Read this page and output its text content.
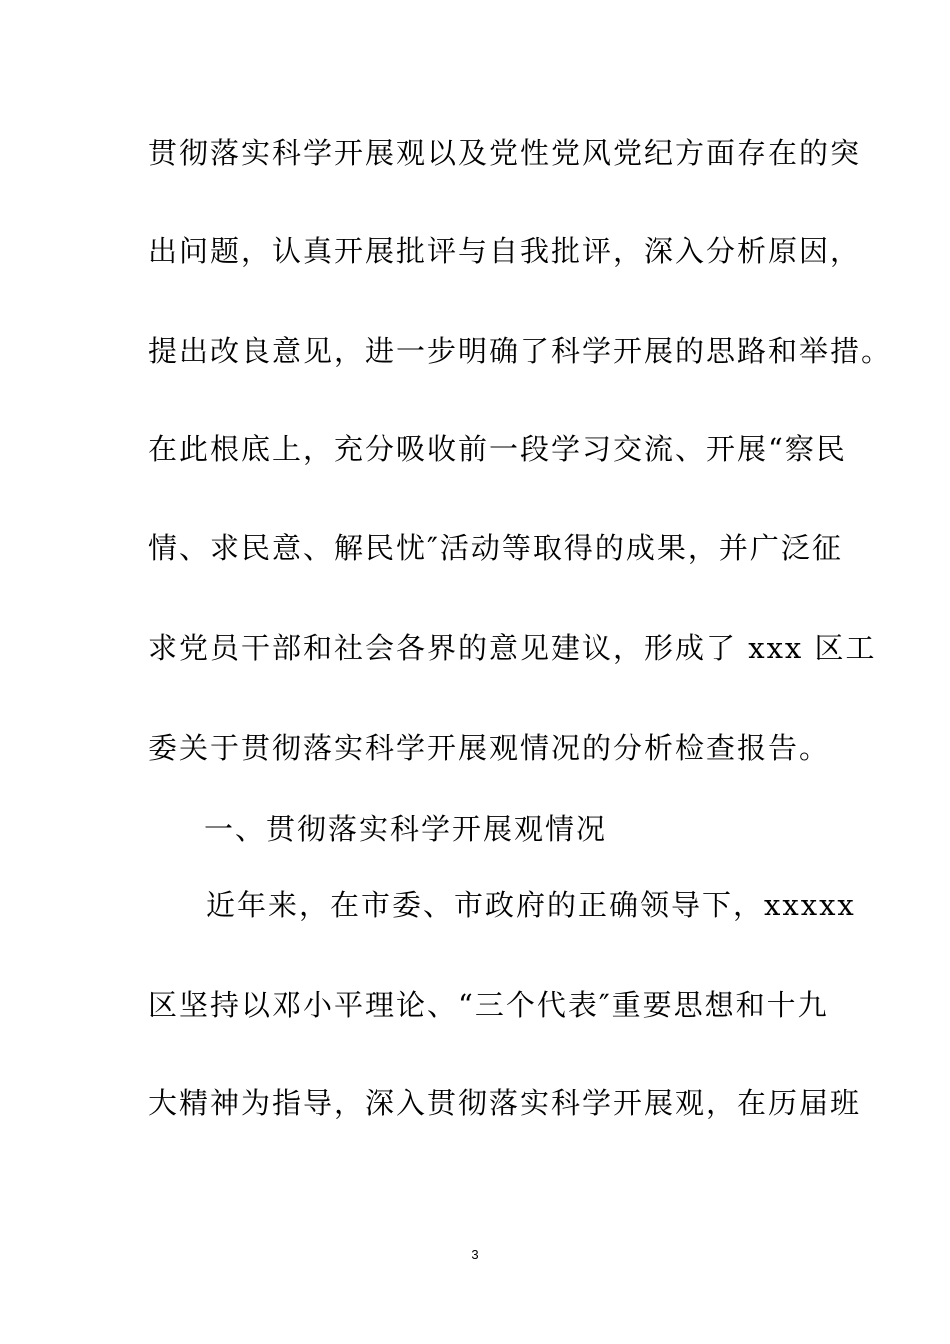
贯彻落实科学开展观以及党性党风党纪方面存在的突
出问题，认真开展批评与自我批评，深入分析原因，
提出改良意见，进一步明确了科学开展的思路和举措。
在此根底上，充分吸收前一段学习交流、开展“察民
情、求民意、解民忧″活动等取得的成果，并广泛征
求党员干部和社会各界的意见建议，形成了 xxx 区工
委关于贯彻落实科学开展观情况的分析检查报告。
一、贯彻落实科学开展观情况
近年来，在市委、市政府的正确领导下，xxxxx
区坚持以邓小平理论、“三个代表″重要思想和十九
大精神为指导，深入贯彻落实科学开展观，在历届班
3
